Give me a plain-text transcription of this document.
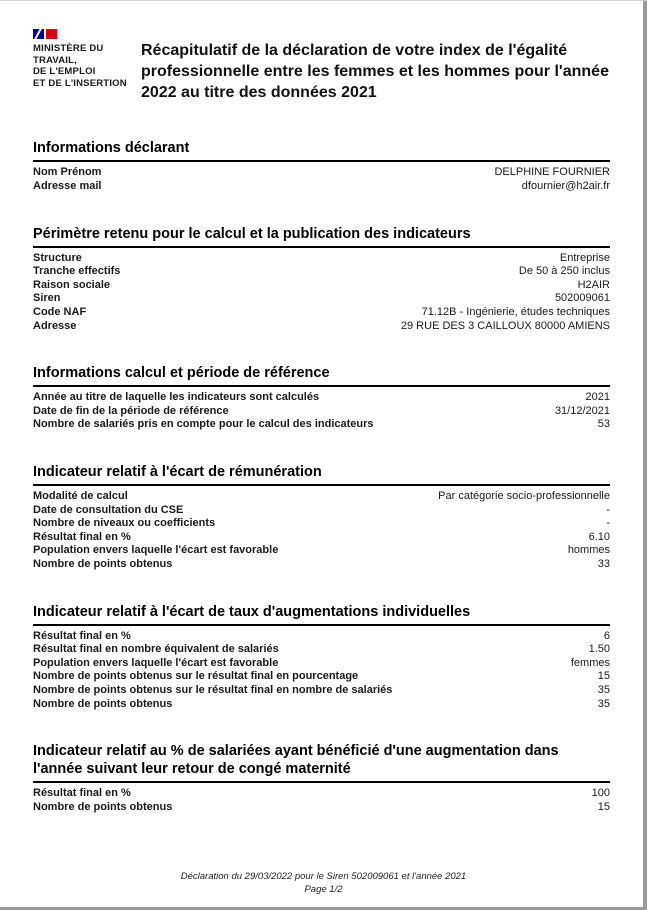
MINISTÈRE DU
TRAVAIL,
DE L'EMPLOI
ET DE L'INSERTION
Récapitulatif de la déclaration de votre index de l'égalité professionnelle entre les femmes et les hommes pour l'année 2022 au titre des données 2021
Informations déclarant
Nom Prénom	DELPHINE FOURNIER
Adresse mail	dfournier@h2air.fr
Périmètre retenu pour le calcul et la publication des indicateurs
Structure	Entreprise
Tranche effectifs	De 50 à 250 inclus
Raison sociale	H2AIR
Siren	502009061
Code NAF	71.12B - Ingénierie, études techniques
Adresse	29 RUE DES 3 CAILLOUX 80000 AMIENS
Informations calcul et période de référence
Année au titre de laquelle les indicateurs sont calculés	2021
Date de fin de la période de référence	31/12/2021
Nombre de salariés pris en compte pour le calcul des indicateurs	53
Indicateur relatif à l'écart de rémunération
Modalité de calcul	Par catégorie socio-professionnelle
Date de consultation du CSE	-
Nombre de niveaux ou coefficients	-
Résultat final en %	6.10
Population envers laquelle l'écart est favorable	hommes
Nombre de points obtenus	33
Indicateur relatif à l'écart de taux d'augmentations individuelles
Résultat final en %	6
Résultat final en nombre équivalent de salariés	1.50
Population envers laquelle l'écart est favorable	femmes
Nombre de points obtenus sur le résultat final en pourcentage	15
Nombre de points obtenus sur le résultat final en nombre de salariés	35
Nombre de points obtenus	35
Indicateur relatif au % de salariées ayant bénéficié d'une augmentation dans l'année suivant leur retour de congé maternité
Résultat final en %	100
Nombre de points obtenus	15
Déclaration du 29/03/2022 pour le Siren 502009061 et l'année 2021
Page 1/2
